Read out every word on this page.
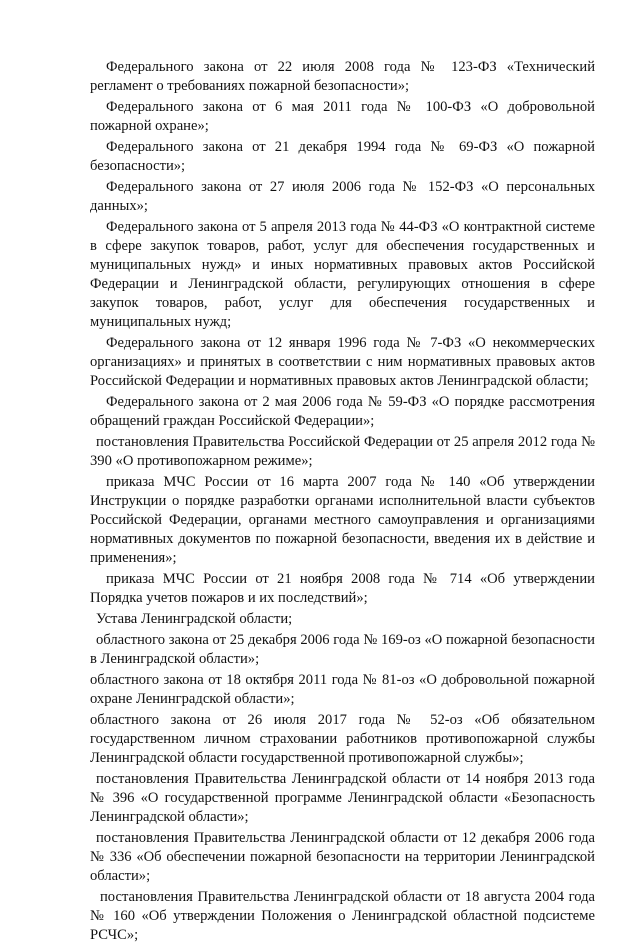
Федерального закона от 22 июля 2008 года № 123-ФЗ «Технический регламент о требованиях пожарной безопасности»;

Федерального закона от 6 мая 2011 года № 100-ФЗ «О добровольной пожарной охране»;

Федерального закона от 21 декабря 1994 года № 69-ФЗ «О пожарной безопасности»;

Федерального закона от 27 июля 2006 года № 152-ФЗ «О персональных данных»;

Федерального закона от 5 апреля 2013 года № 44-ФЗ «О контрактной системе в сфере закупок товаров, работ, услуг для обеспечения государственных и муниципальных нужд» и иных нормативных правовых актов Российской Федерации и Ленинградской области, регулирующих отношения в сфере закупок товаров, работ, услуг для обеспечения государственных и муниципальных нужд;

Федерального закона от 12 января 1996 года № 7-ФЗ «О некоммерческих организациях» и принятых в соответствии с ним нормативных правовых актов Российской Федерации и нормативных правовых актов Ленинградской области;

Федерального закона от 2 мая 2006 года № 59-ФЗ «О порядке рассмотрения обращений граждан Российской Федерации»;

постановления Правительства Российской Федерации от 25 апреля 2012 года № 390 «О противопожарном режиме»;

приказа МЧС России от 16 марта 2007 года № 140 «Об утверждении Инструкции о порядке разработки органами исполнительной власти субъектов Российской Федерации, органами местного самоуправления и организациями нормативных документов по пожарной безопасности, введения их в действие и применения»;

приказа МЧС России от 21 ноября 2008 года № 714 «Об утверждении Порядка учетов пожаров и их последствий»;

Устава Ленинградской области;

областного закона от 25 декабря 2006 года № 169-оз «О пожарной безопасности в Ленинградской области»;

областного закона от 18 октября 2011 года № 81-оз «О добровольной пожарной охране Ленинградской области»;

областного закона от 26 июля 2017 года № 52-оз «Об обязательном государственном личном страховании работников противопожарной службы Ленинградской области государственной противопожарной службы»;

постановления Правительства Ленинградской области от 14 ноября 2013 года № 396 «О государственной программе Ленинградской области «Безопасность Ленинградской области»;

постановления Правительства Ленинградской области от 12 декабря 2006 года № 336 «Об обеспечении пожарной безопасности на территории Ленинградской области»;

постановления Правительства Ленинградской области от 18 августа 2004 года № 160 «Об утверждении Положения о Ленинградской областной подсистеме РСЧС»;
